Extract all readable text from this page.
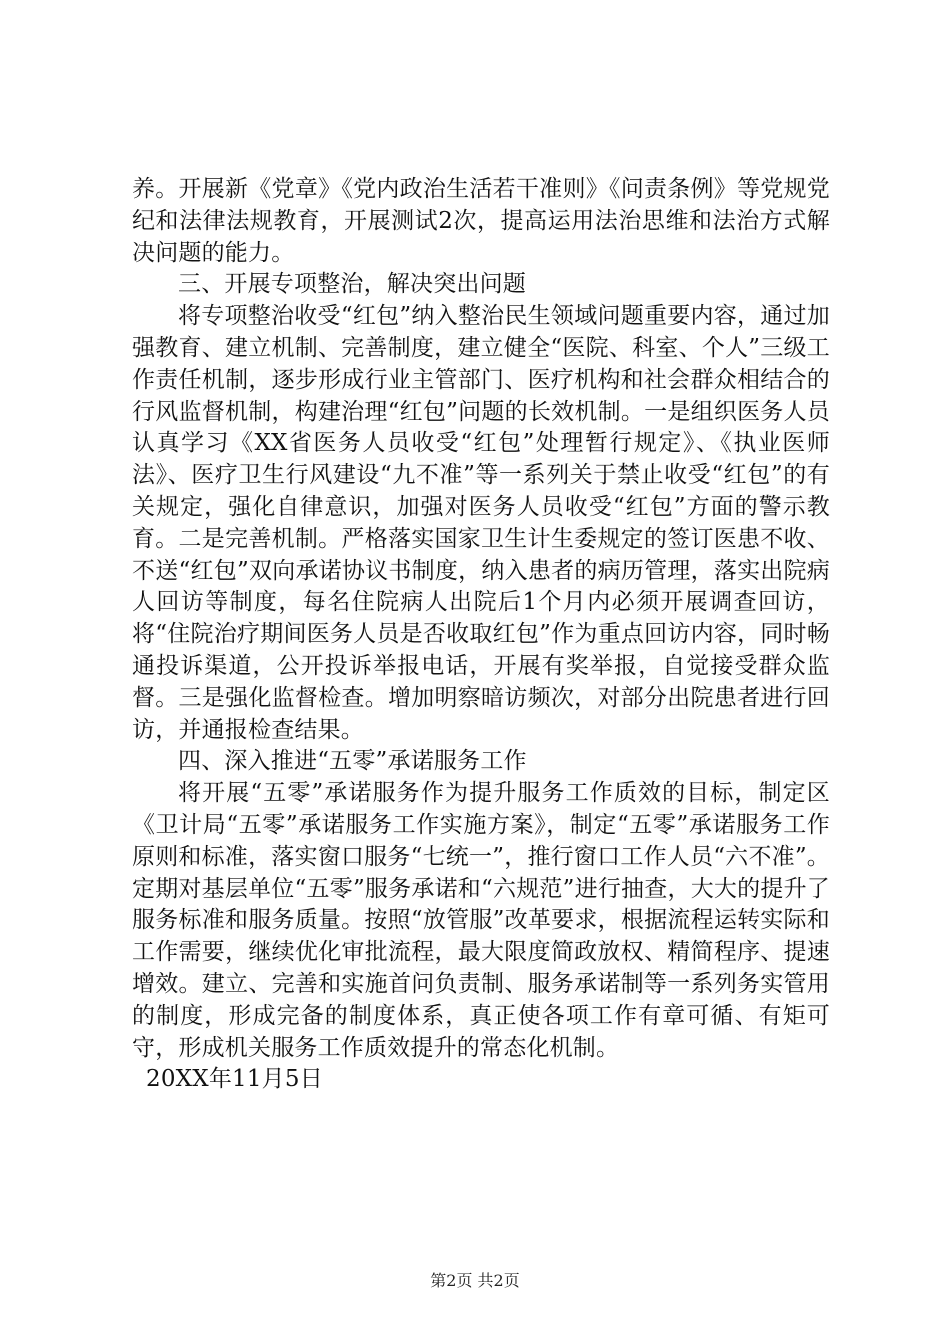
养。开展新《党章》《党内政治生活若干准则》《问责条例》等党规党纪和法律法规教育，开展测试2次，提高运用法治思维和法治方式解决问题的能力。

三、开展专项整治，解决突出问题

将专项整治收受“红包”纳入整治民生领域问题重要内容，通过加强教育、建立机制、完善制度，建立健全“医院、科室、个人”三级工作责任机制，逐步形成行业主管部门、医疗机构和社会群众相结合的行风监督机制，构建治理“红包”问题的长效机制。一是组织医务人员认真学习《XX省医务人员收受“红包”处理暂行规定》、《执业医师法》、医疗卫生行风建设“九不准”等一系列关于禁止收受“红包”的有关规定，强化自律意识，加强对医务人员收受“红包”方面的警示教育。二是完善机制。严格落实国家卫生计生委规定的签订医患不收、不送“红包”双向承诺协议书制度，纳入患者的病历管理，落实出院病人回访等制度，每名住院病人出院后1个月内必须开展调查回访，将“住院治疗期间医务人员是否收取红包”作为重点回访内容，同时畅通投诉渠道，公开投诉举报电话，开展有奖举报，自觉接受群众监督。三是强化监督检查。增加明察暗访频次，对部分出院患者进行回访，并通报检查结果。

四、深入推进“五零”承诺服务工作

将开展“五零”承诺服务作为提升服务工作质效的目标，制定区《卫计局“五零”承诺服务工作实施方案》，制定“五零”承诺服务工作原则和标准，落实窗口服务“七统一”，推行窗口工作人员“六不准”。定期对基层单位“五零”服务承诺和“六规范”进行抽查，大大的提升了服务标准和服务质量。按照“放管服”改革要求，根据流程运转实际和工作需要，继续优化审批流程，最大限度简政放权、精简程序、提速增效。建立、完善和实施首问负责制、服务承诺制等一系列务实管用的制度，形成完备的制度体系，真正使各项工作有章可循、有矩可守，形成机关服务工作质效提升的常态化机制。

20XX年11月5日

第2页 共2页
